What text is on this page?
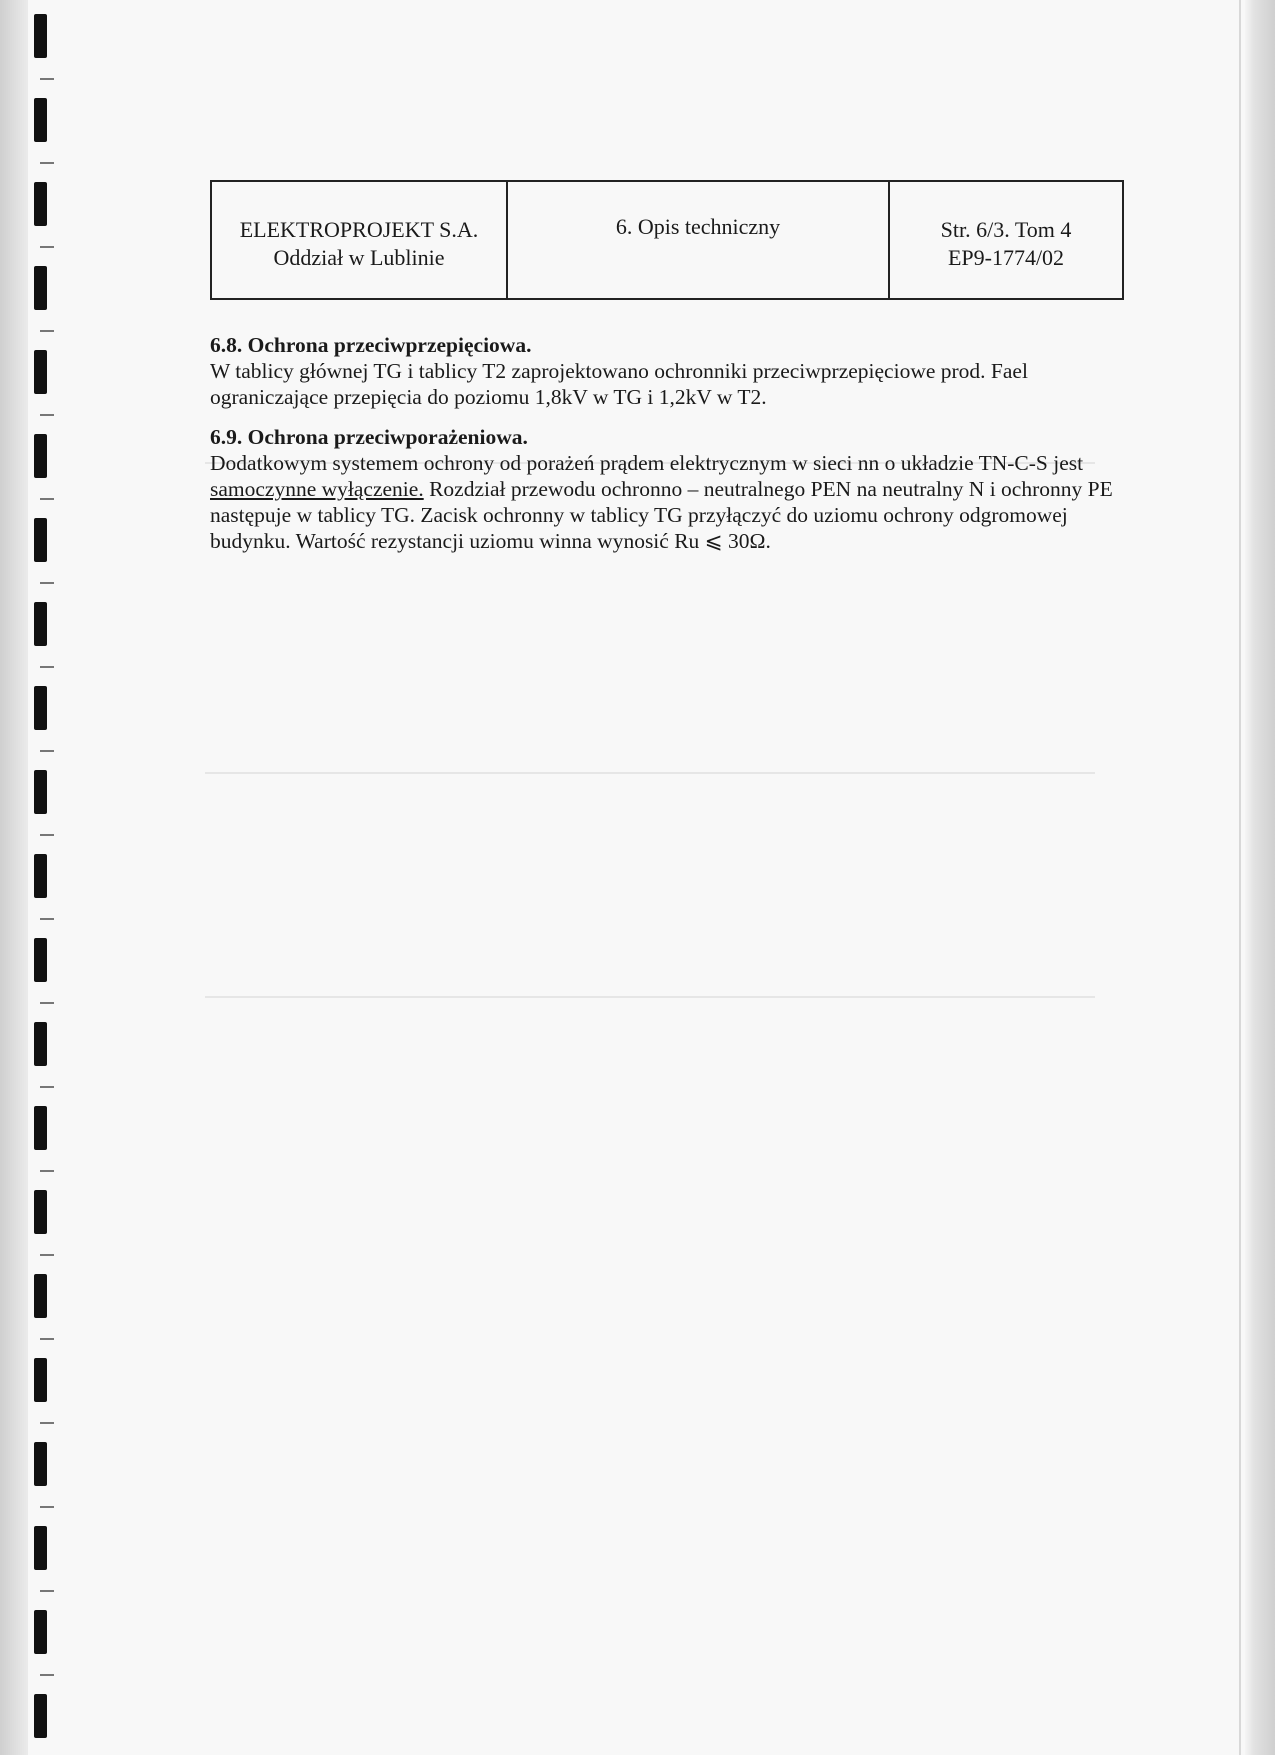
ELEKTROPROJEKT S.A.
Oddział w Lublinie
6. Opis techniczny	Str. 6/3. Tom 4
EP9-1774/02

6.8. Ochrona przeciwprzepięciowa.

W tablicy głównej TG i tablicy T2 zaprojektowano ochronniki przeciwprzepięciowe prod. Fael ograniczające przepięcia do poziomu 1,8kV w TG i 1,2kV w T2.

6.9. Ochrona przeciwporażeniowa.

Dodatkowym systemem ochrony od porażeń prądem elektrycznym w sieci nn o układzie TN-C-S jest samoczynne wyłączenie. Rozdział przewodu ochronno – neutralnego PEN na neutralny N i ochronny PE następuje w tablicy TG. Zacisk ochronny w tablicy TG przyłączyć do uziomu ochrony odgromowej budynku. Wartość rezystancji uziomu winna wynosić Ru ⩽ 30Ω.
